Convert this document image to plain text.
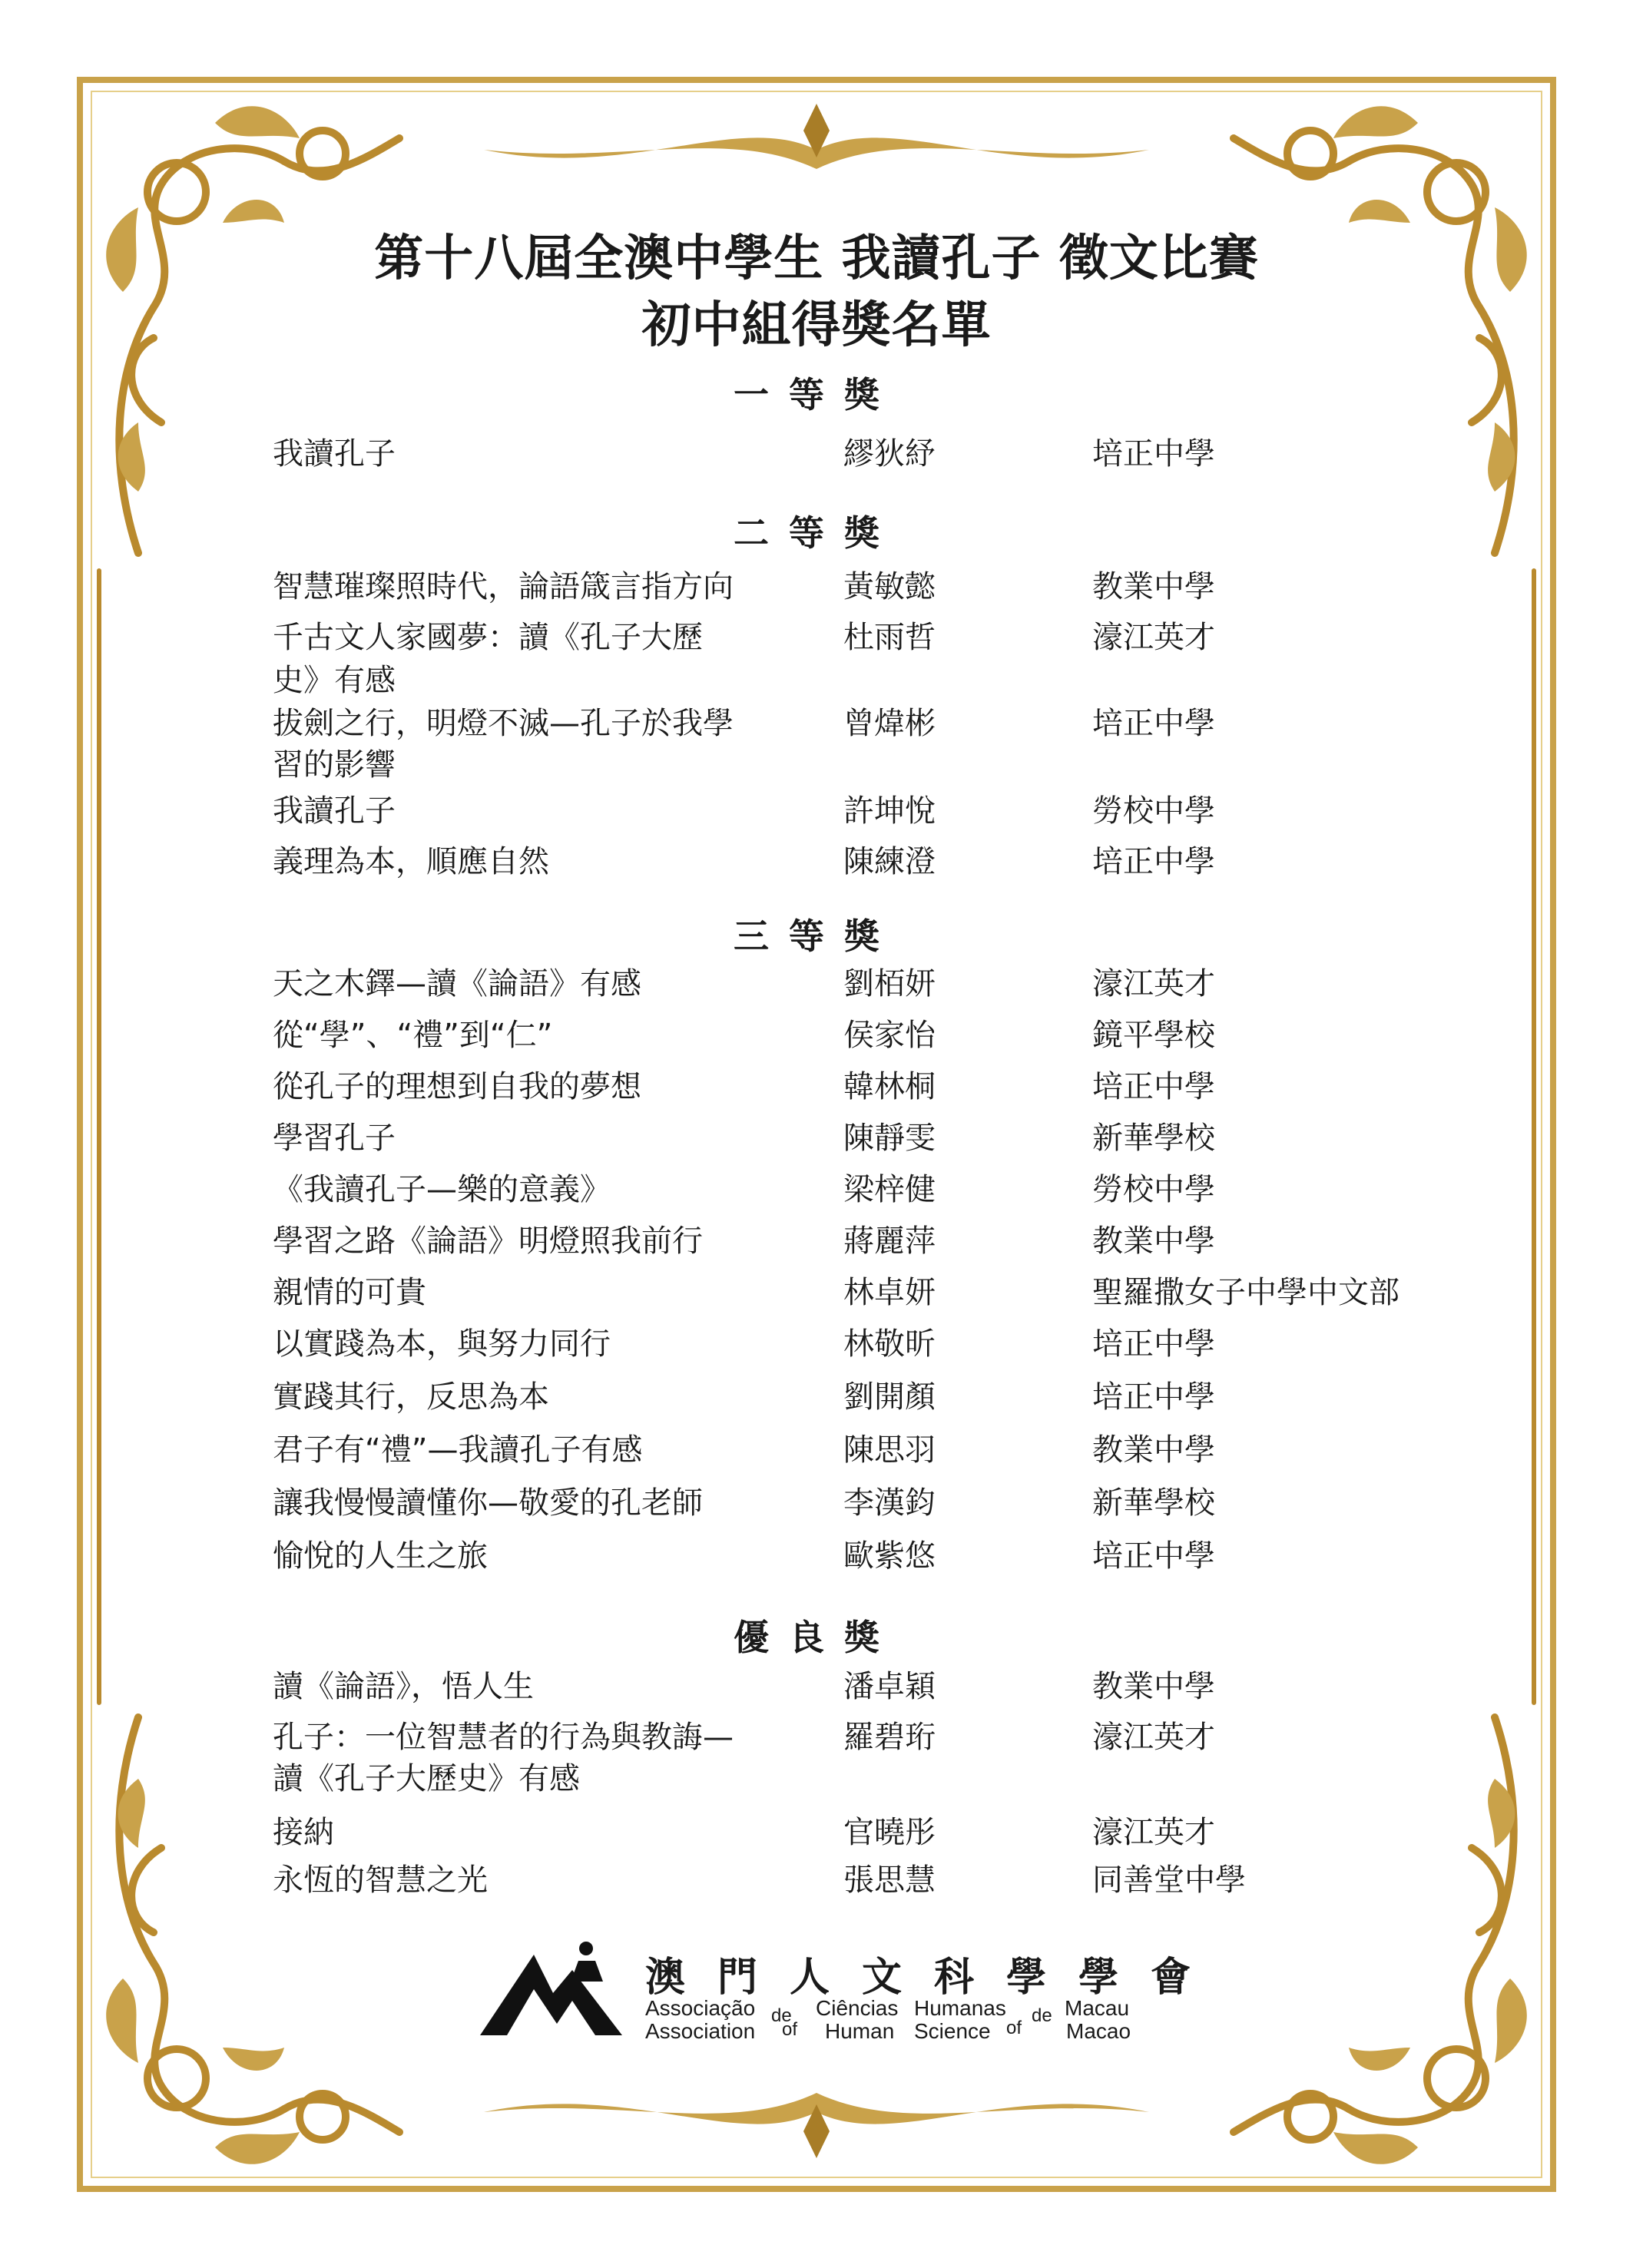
第十八屆全澳中學生 我讀孔子 徵文比賽
初中組得獎名單
一等獎
我讀孔子	繆狄紓	培正中學
二等獎
智慧璀璨照時代，論語箴言指方向	黃敏懿	教業中學
千古文人家國夢：讀《孔子大歷
史》有感
杜雨哲	濠江英才
拔劍之行，明燈不滅—孔子於我學
習的影響
曾煒彬	培正中學
我讀孔子	許坤悅	勞校中學
義理為本，順應自然	陳練澄	培正中學
三等獎
天之木鐸—讀《論語》有感	劉栢妍	濠江英才
從“學”、“禮”到“仁”	侯家怡	鏡平學校
從孔子的理想到自我的夢想	韓林桐	培正中學
學習孔子	陳靜雯	新華學校
《我讀孔子—樂的意義》	梁梓健	勞校中學
學習之路《論語》明燈照我前行	蔣麗萍	教業中學
親情的可貴	林卓妍	聖羅撒女子中學中文部
以實踐為本，與努力同行	林敬昕	培正中學
實踐其行，反思為本	劉開顏	培正中學
君子有“禮”—我讀孔子有感	陳思羽	教業中學
讓我慢慢讀懂你—敬愛的孔老師	李漢鈞	新華學校
愉悅的人生之旅	歐紫悠	培正中學
優良獎
讀《論語》，悟人生	潘卓穎	教業中學
孔子：一位智慧者的行為與教誨—
讀《孔子大歷史》有感
羅碧珩	濠江英才
接納	官曉彤	濠江英才
永恆的智慧之光	張思慧	同善堂中學
澳門人文科學學會
Associação de Ciências Humanas de Macau
Association of Human Science of Macao
